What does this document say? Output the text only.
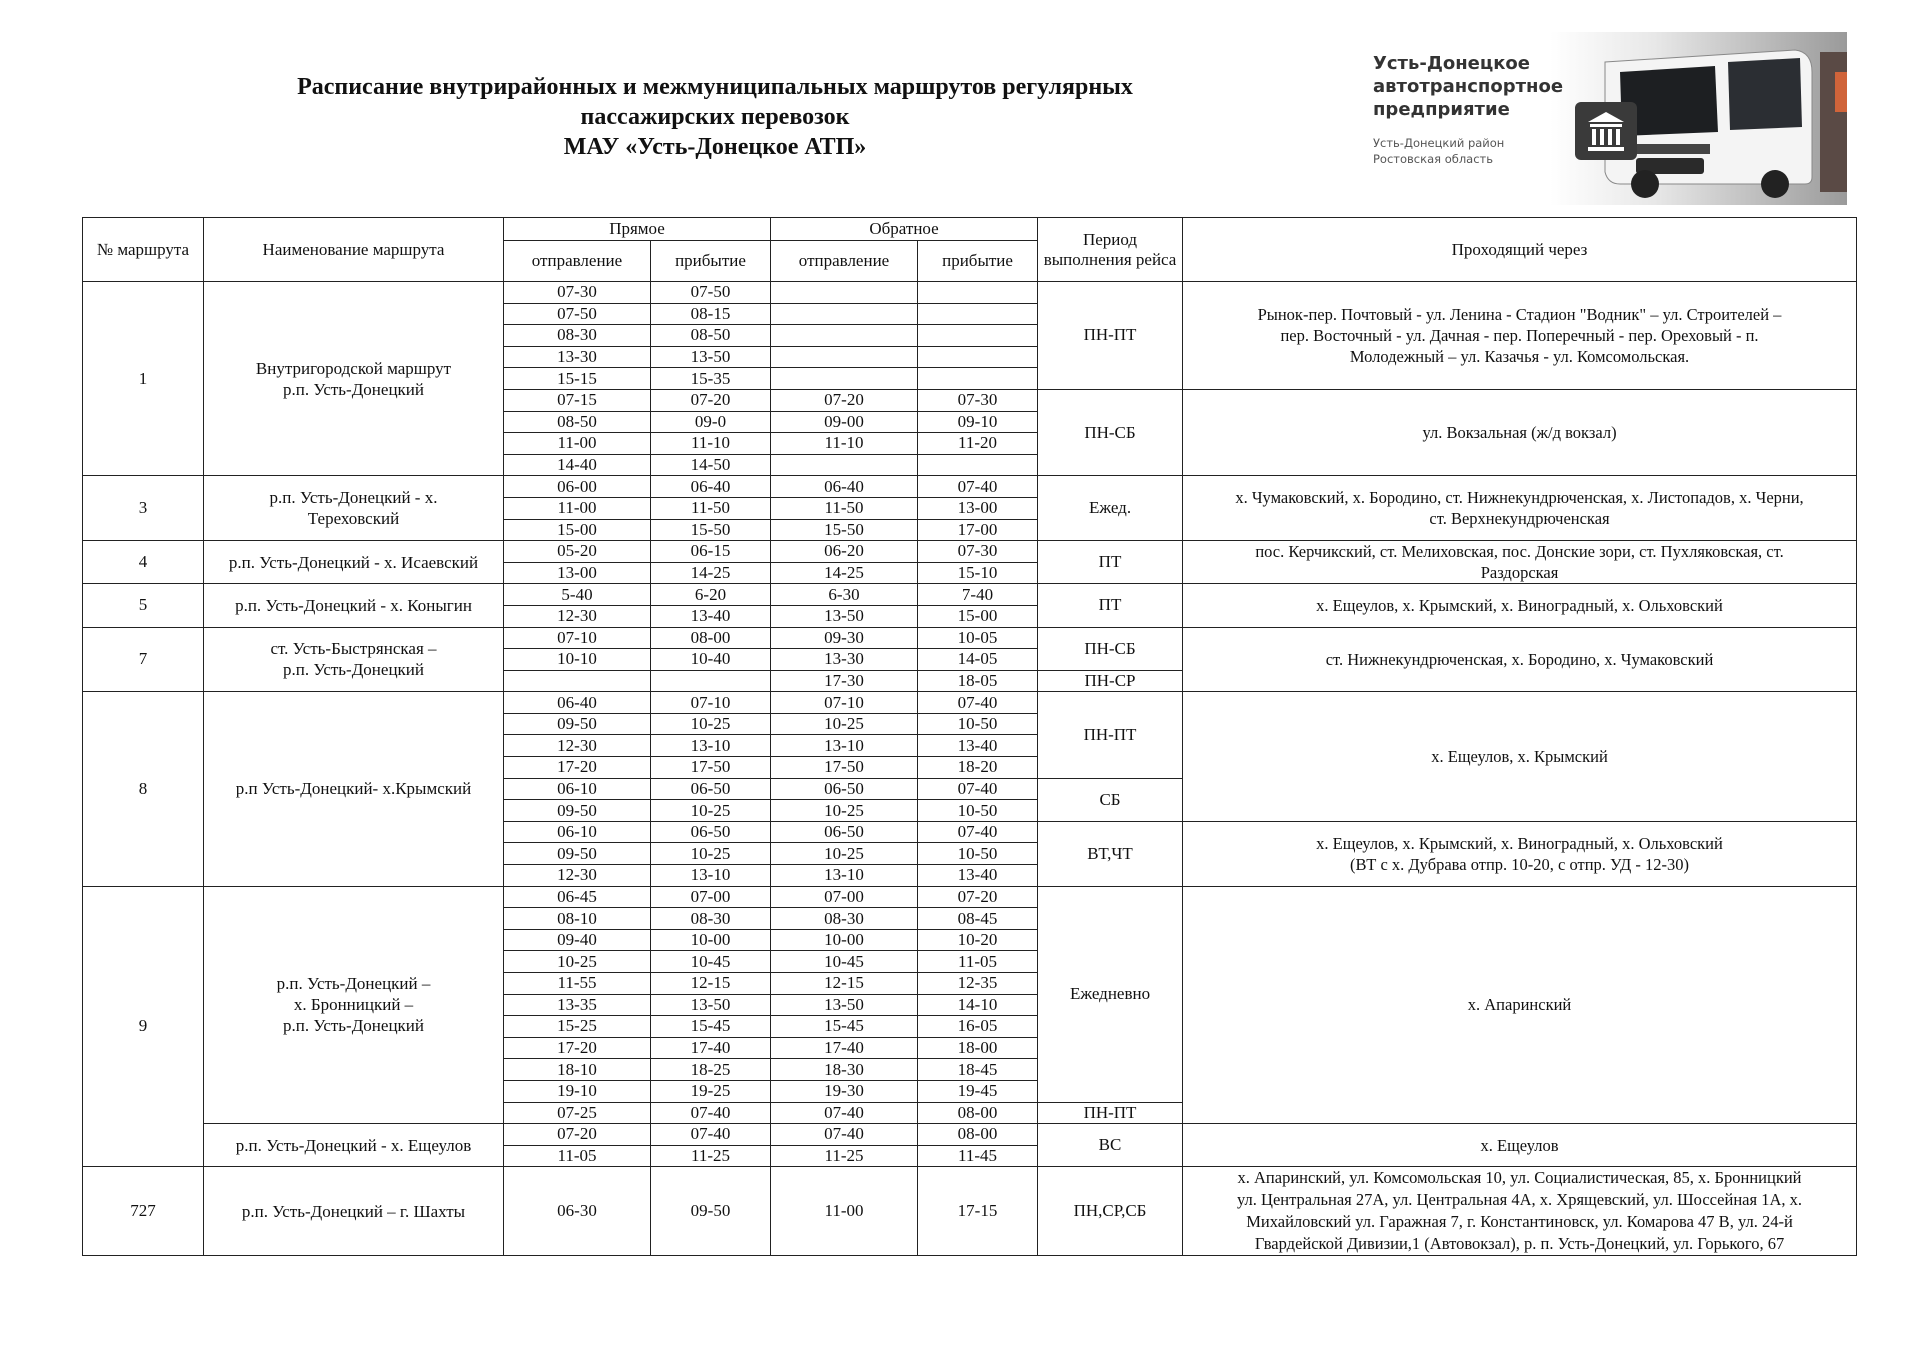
Расписание внутрирайонных и межмуниципальных маршрутов регулярных
пассажирских перевозок
МАУ «Усть-Донецкое АТП»
Усть-Донецкое
автотранспортное
предприятие
Усть-Донецкий район
Ростовская область
№ маршрута	Наименование маршрута	Прямое		Обратное		Период выполнения рейса	Проходящий через
		отправление	прибытие	отправление	прибытие		
1	Внутригородской маршрут
р.п. Усть-Донецкий	07-30	07-50			ПН-ПТ	Рынок-пер. Почтовый - ул. Ленина - Стадион "Водник" – ул. Строителей –
пер. Восточный - ул. Дачная - пер. Поперечный - пер. Ореховый - п.
Молодежный – ул. Казачья - ул. Комсомольская.
		07-50	08-15				
		08-30	08-50				
		13-30	13-50				
		15-15	15-35				
		07-15	07-20	07-20	07-30	ПН-СБ	ул. Вокзальная (ж/д вокзал)
		08-50	09-0	09-00	09-10		
		11-00	11-10	11-10	11-20		
		14-40	14-50				
3	р.п. Усть-Донецкий - х.
Тереховский	06-00	06-40	06-40	07-40	Ежед.	х. Чумаковский, х. Бородино, ст. Нижнекундрюченская, х. Листопадов, х. Черни,
ст. Верхнекундрюченская
		11-00	11-50	11-50	13-00		
		15-00	15-50	15-50	17-00		
4	р.п. Усть-Донецкий - х. Исаевский	05-20	06-15	06-20	07-30	ПТ	пос. Керчикский, ст. Мелиховская, пос. Донские зори, ст. Пухляковская, ст.
Раздорская
		13-00	14-25	14-25	15-10		
5	р.п. Усть-Донецкий - х. Коныгин	5-40	6-20	6-30	7-40	ПТ	х. Ещеулов, х. Крымский, х. Виноградный, х. Ольховский
		12-30	13-40	13-50	15-00		
7	ст. Усть-Быстрянская –
р.п. Усть-Донецкий	07-10	08-00	09-30	10-05	ПН-СБ	ст. Нижнекундрюченская, х. Бородино, х. Чумаковский
		10-10	10-40	13-30	14-05		
				17-30	18-05	ПН-СР	
8	р.п Усть-Донецкий- х.Крымский	06-40	07-10	07-10	07-40	ПН-ПТ	х. Ещеулов, х. Крымский
		09-50	10-25	10-25	10-50		
		12-30	13-10	13-10	13-40		
		17-20	17-50	17-50	18-20		
		06-10	06-50	06-50	07-40	СБ	
		09-50	10-25	10-25	10-50		
		06-10	06-50	06-50	07-40	ВТ,ЧТ	х. Ещеулов, х. Крымский, х. Виноградный, х. Ольховский
(ВТ с х. Дубрава отпр. 10-20, с отпр. УД - 12-30)
		09-50	10-25	10-25	10-50		
		12-30	13-10	13-10	13-40		
9	р.п. Усть-Донецкий –
х. Бронницкий –
р.п. Усть-Донецкий	06-45	07-00	07-00	07-20	Ежедневно	х. Апаринский
		08-10	08-30	08-30	08-45		
		09-40	10-00	10-00	10-20		
		10-25	10-45	10-45	11-05		
		11-55	12-15	12-15	12-35		
		13-35	13-50	13-50	14-10		
		15-25	15-45	15-45	16-05		
		17-20	17-40	17-40	18-00		
		18-10	18-25	18-30	18-45		
		19-10	19-25	19-30	19-45		
		07-25	07-40	07-40	08-00	ПН-ПТ	
	р.п. Усть-Донецкий - х. Ещеулов	07-20	07-40	07-40	08-00	ВС	х. Ещеулов
		11-05	11-25	11-25	11-45		
727	р.п. Усть-Донецкий – г. Шахты	06-30	09-50	11-00	17-15	ПН,СР,СБ	х. Апаринский, ул. Комсомольская 10, ул. Социалистическая, 85, х. Бронницкий
ул. Центральная 27А, ул. Центральная 4А, х. Хрящевский, ул. Шоссейная 1А, х.
Михайловский ул. Гаражная 7, г. Константиновск, ул. Комарова 47 В, ул. 24-й
Гвардейской Дивизии,1 (Автовокзал), р. п. Усть-Донецкий, ул. Горького, 67
